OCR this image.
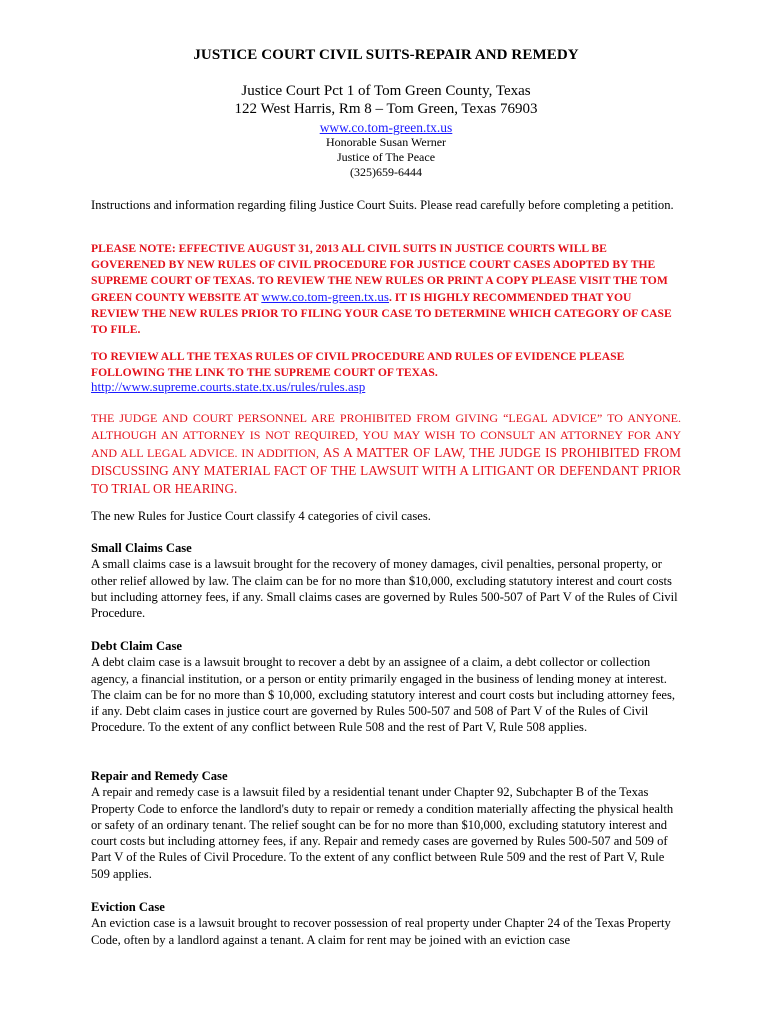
JUSTICE COURT CIVIL SUITS-REPAIR AND REMEDY
Justice Court Pct 1 of Tom Green County, Texas
122 West Harris, Rm 8 – Tom Green, Texas 76903
www.co.tom-green.tx.us
Honorable Susan Werner
Justice of The Peace
(325)659-6444

Instructions and information regarding filing Justice Court Suits. Please read carefully before completing a petition.

PLEASE NOTE: EFFECTIVE AUGUST 31, 2013 ALL CIVIL SUITS IN JUSTICE COURTS WILL BE GOVERENED BY NEW RULES OF CIVIL PROCEDURE FOR JUSTICE COURT CASES ADOPTED BY THE SUPREME COURT OF TEXAS. TO REVIEW THE NEW RULES OR PRINT A COPY PLEASE VISIT THE TOM GREEN COUNTY WEBSITE AT www.co.tom-green.tx.us. IT IS HIGHLY RECOMMENDED THAT YOU REVIEW THE NEW RULES PRIOR TO FILING YOUR CASE TO DETERMINE WHICH CATEGORY OF CASE TO FILE.

TO REVIEW ALL THE TEXAS RULES OF CIVIL PROCEDURE AND RULES OF EVIDENCE PLEASE FOLLOWING THE LINK TO THE SUPREME COURT OF TEXAS.

http://www.supreme.courts.state.tx.us/rules/rules.asp

THE JUDGE AND COURT PERSONNEL ARE PROHIBITED FROM GIVING “LEGAL ADVICE” TO ANYONE. ALTHOUGH AN ATTORNEY IS NOT REQUIRED, YOU MAY WISH TO CONSULT AN ATTORNEY FOR ANY AND ALL LEGAL ADVICE. IN ADDITION, AS A MATTER OF LAW, THE JUDGE IS PROHIBITED FROM DISCUSSING ANY MATERIAL FACT OF THE LAWSUIT WITH A LITIGANT OR DEFENDANT PRIOR TO TRIAL OR HEARING.

The new Rules for Justice Court classify 4 categories of civil cases.

Small Claims Case

A small claims case is a lawsuit brought for the recovery of money damages, civil penalties, personal property, or other relief allowed by law. The claim can be for no more than $10,000, excluding statutory interest and court costs but including attorney fees, if any. Small claims cases are governed by Rules 500-507 of Part V of the Rules of Civil Procedure.

Debt Claim Case

A debt claim case is a lawsuit brought to recover a debt by an assignee of a claim, a debt collector or collection agency, a financial institution, or a person or entity primarily engaged in the business of lending money at interest. The claim can be for no more than $ 10,000, excluding statutory interest and court costs but including attorney fees, if any. Debt claim cases in justice court are governed by Rules 500-507 and 508 of Part V of the Rules of Civil Procedure. To the extent of any conflict between Rule 508 and the rest of Part V, Rule 508 applies.

Repair and Remedy Case

A repair and remedy case is a lawsuit filed by a residential tenant under Chapter 92, Subchapter B of the Texas Property Code to enforce the landlord's duty to repair or remedy a condition materially affecting the physical health or safety of an ordinary tenant. The relief sought can be for no more than $10,000, excluding statutory interest and court costs but including attorney fees, if any. Repair and remedy cases are governed by Rules 500-507 and 509 of Part V of the Rules of Civil Procedure. To the extent of any conflict between Rule 509 and the rest of Part V, Rule 509 applies.

Eviction Case

An eviction case is a lawsuit brought to recover possession of real property under Chapter 24 of the Texas Property Code, often by a landlord against a tenant. A claim for rent may be joined with an eviction case
